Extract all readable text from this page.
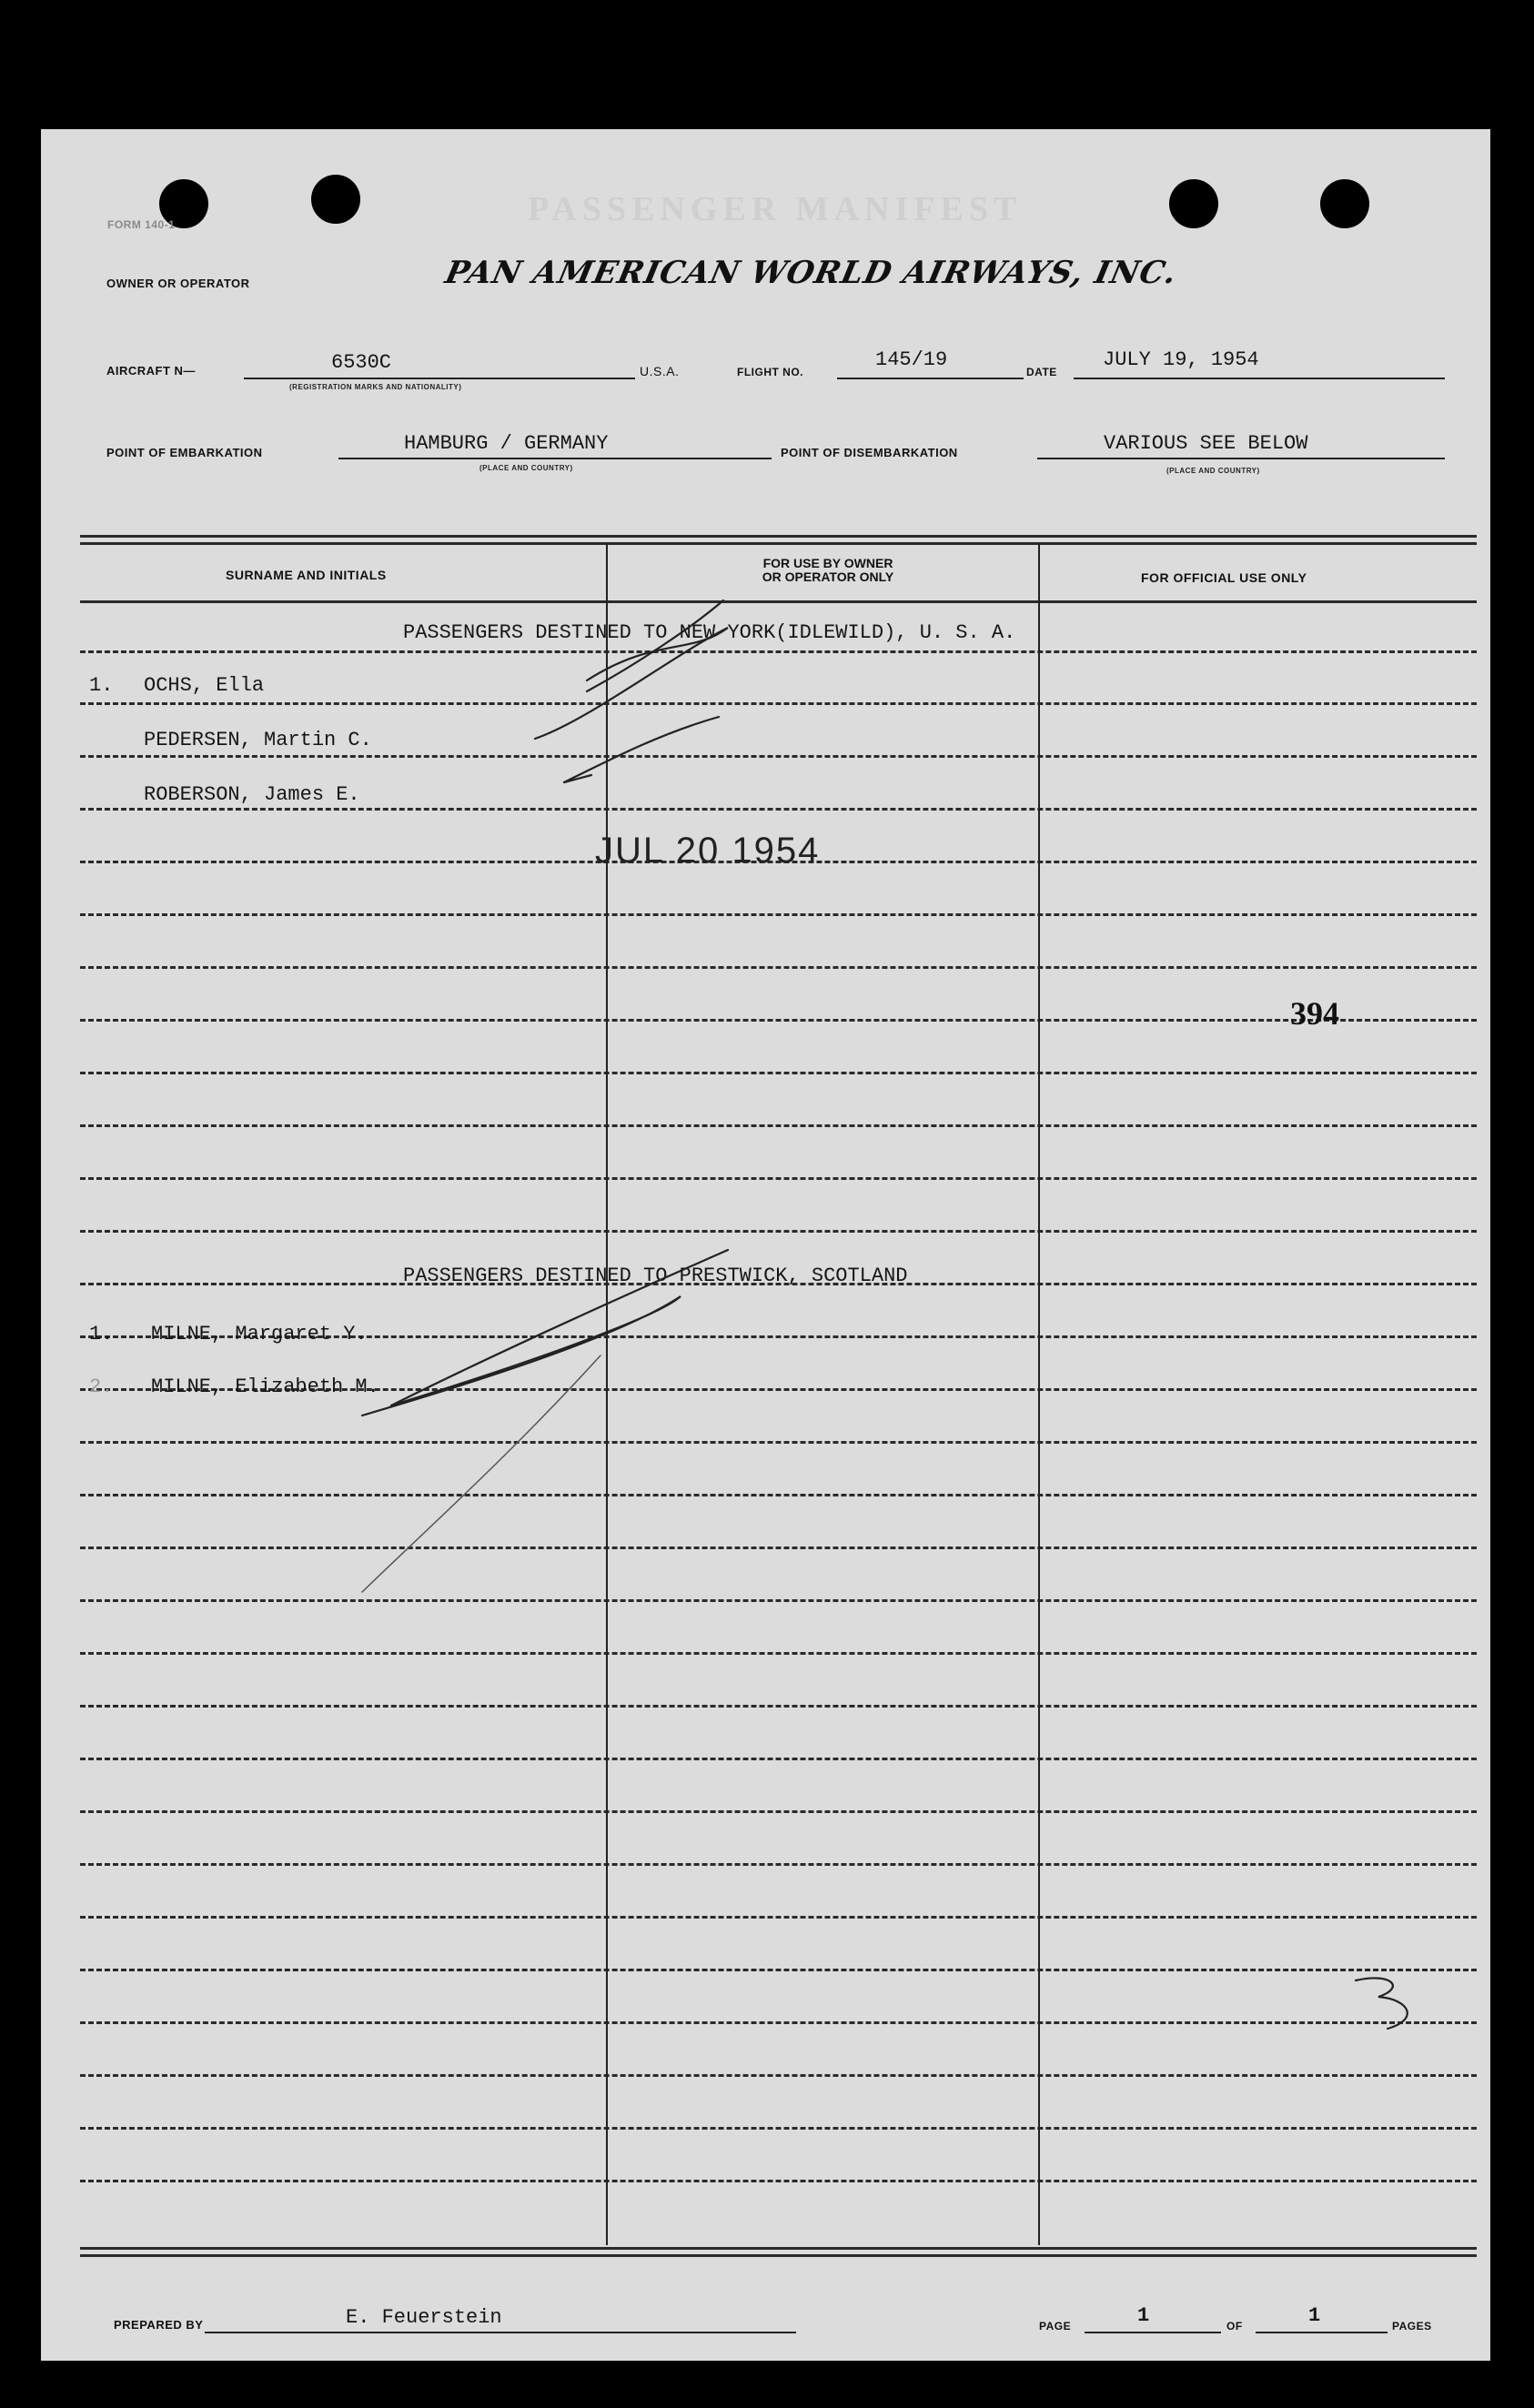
FORM 140-1	PASSENGER MANIFEST
OWNER OR OPERATOR	PAN AMERICAN WORLD AIRWAYS, INC.
AIRCRAFT N—	6530C
(REGISTRATION MARKS AND NATIONALITY)
U.S.A.	FLIGHT NO.
145/19
DATE
JULY 19, 1954
POINT OF EMBARKATION	HAMBURG / GERMANY
(PLACE AND COUNTRY)
POINT OF DISEMBARKATION	VARIOUS SEE BELOW
(PLACE AND COUNTRY)
SURNAME AND INITIALS
FOR USE BY OWNER
OR OPERATOR ONLY	FOR OFFICIAL USE ONLY
PASSENGERS DESTINED TO NEW YORK(IDLEWILD), U. S. A.
1. OCHS, Ella
PEDERSEN, Martin C.
ROBERSON, James E.
JUL 20 1954
394
PASSENGERS DESTINED TO PRESTWICK, SCOTLAND
1. MILNE, Margaret Y.
2. MILNE, Elizabeth M.
PREPARED BY	E. Feuerstein	PAGE	1	OF	1	PAGES
